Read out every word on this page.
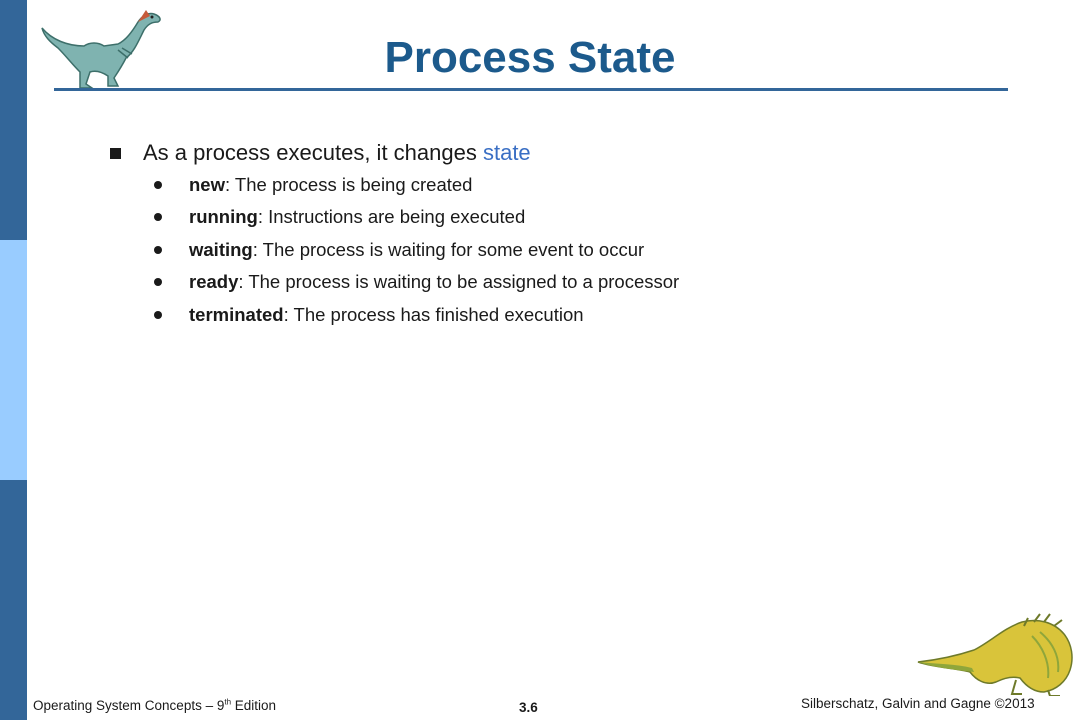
Process State
As a process executes, it changes state
new: The process is being created
running: Instructions are being executed
waiting: The process is waiting for some event to occur
ready: The process is waiting to be assigned to a processor
terminated: The process has finished execution
Operating System Concepts – 9th Edition	3.6	Silberschatz, Galvin and Gagne ©2013
